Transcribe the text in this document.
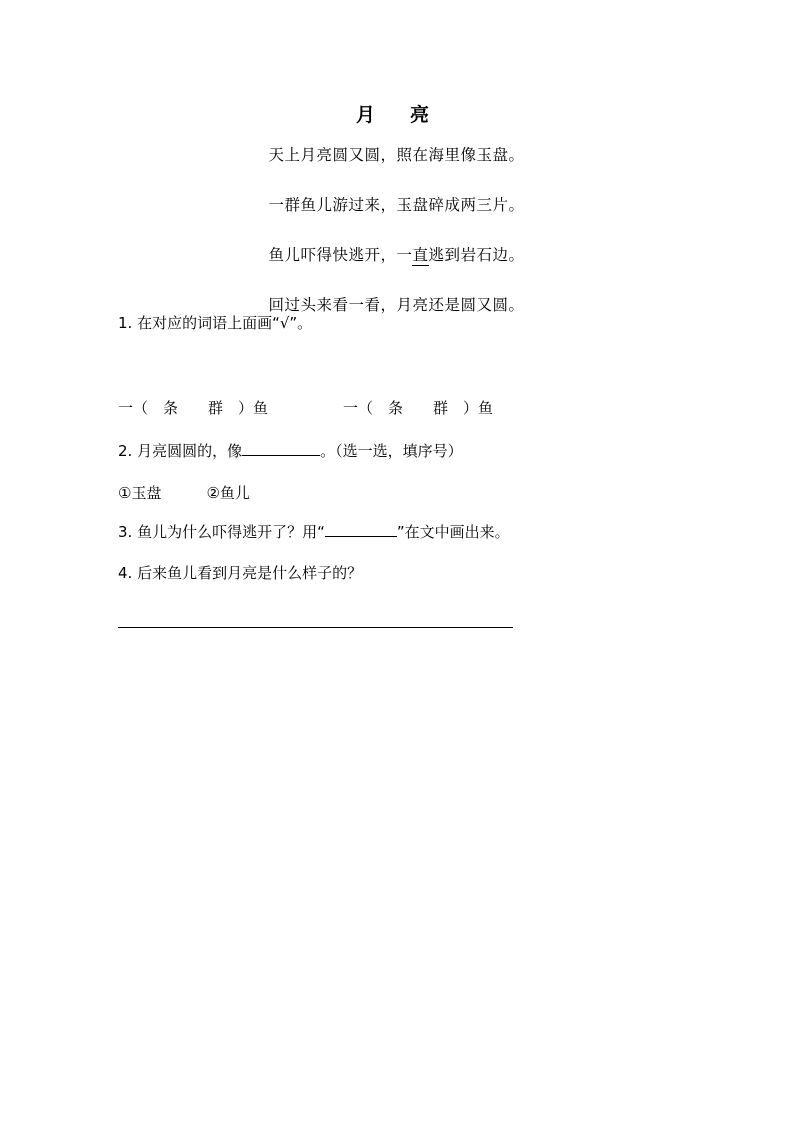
月　亮

天上月亮圆又圆，照在海里像玉盘。

一群鱼儿游过来，玉盘碎成两三片。

鱼儿吓得快逃开，一直逃到岩石边。

回过头来看一看，月亮还是圆又圆。

1. 在对应的词语上面画“√”。

一（　条　　群　）鱼　　　　　	一（　条　　群　）鱼

2. 月亮圆圆的，像	。（选一选，填序号）

①玉盘　　　②鱼儿

3. 鱼儿为什么吓得逃开了？用“	”在文中画出来。

4. 后来鱼儿看到月亮是什么样子的？
